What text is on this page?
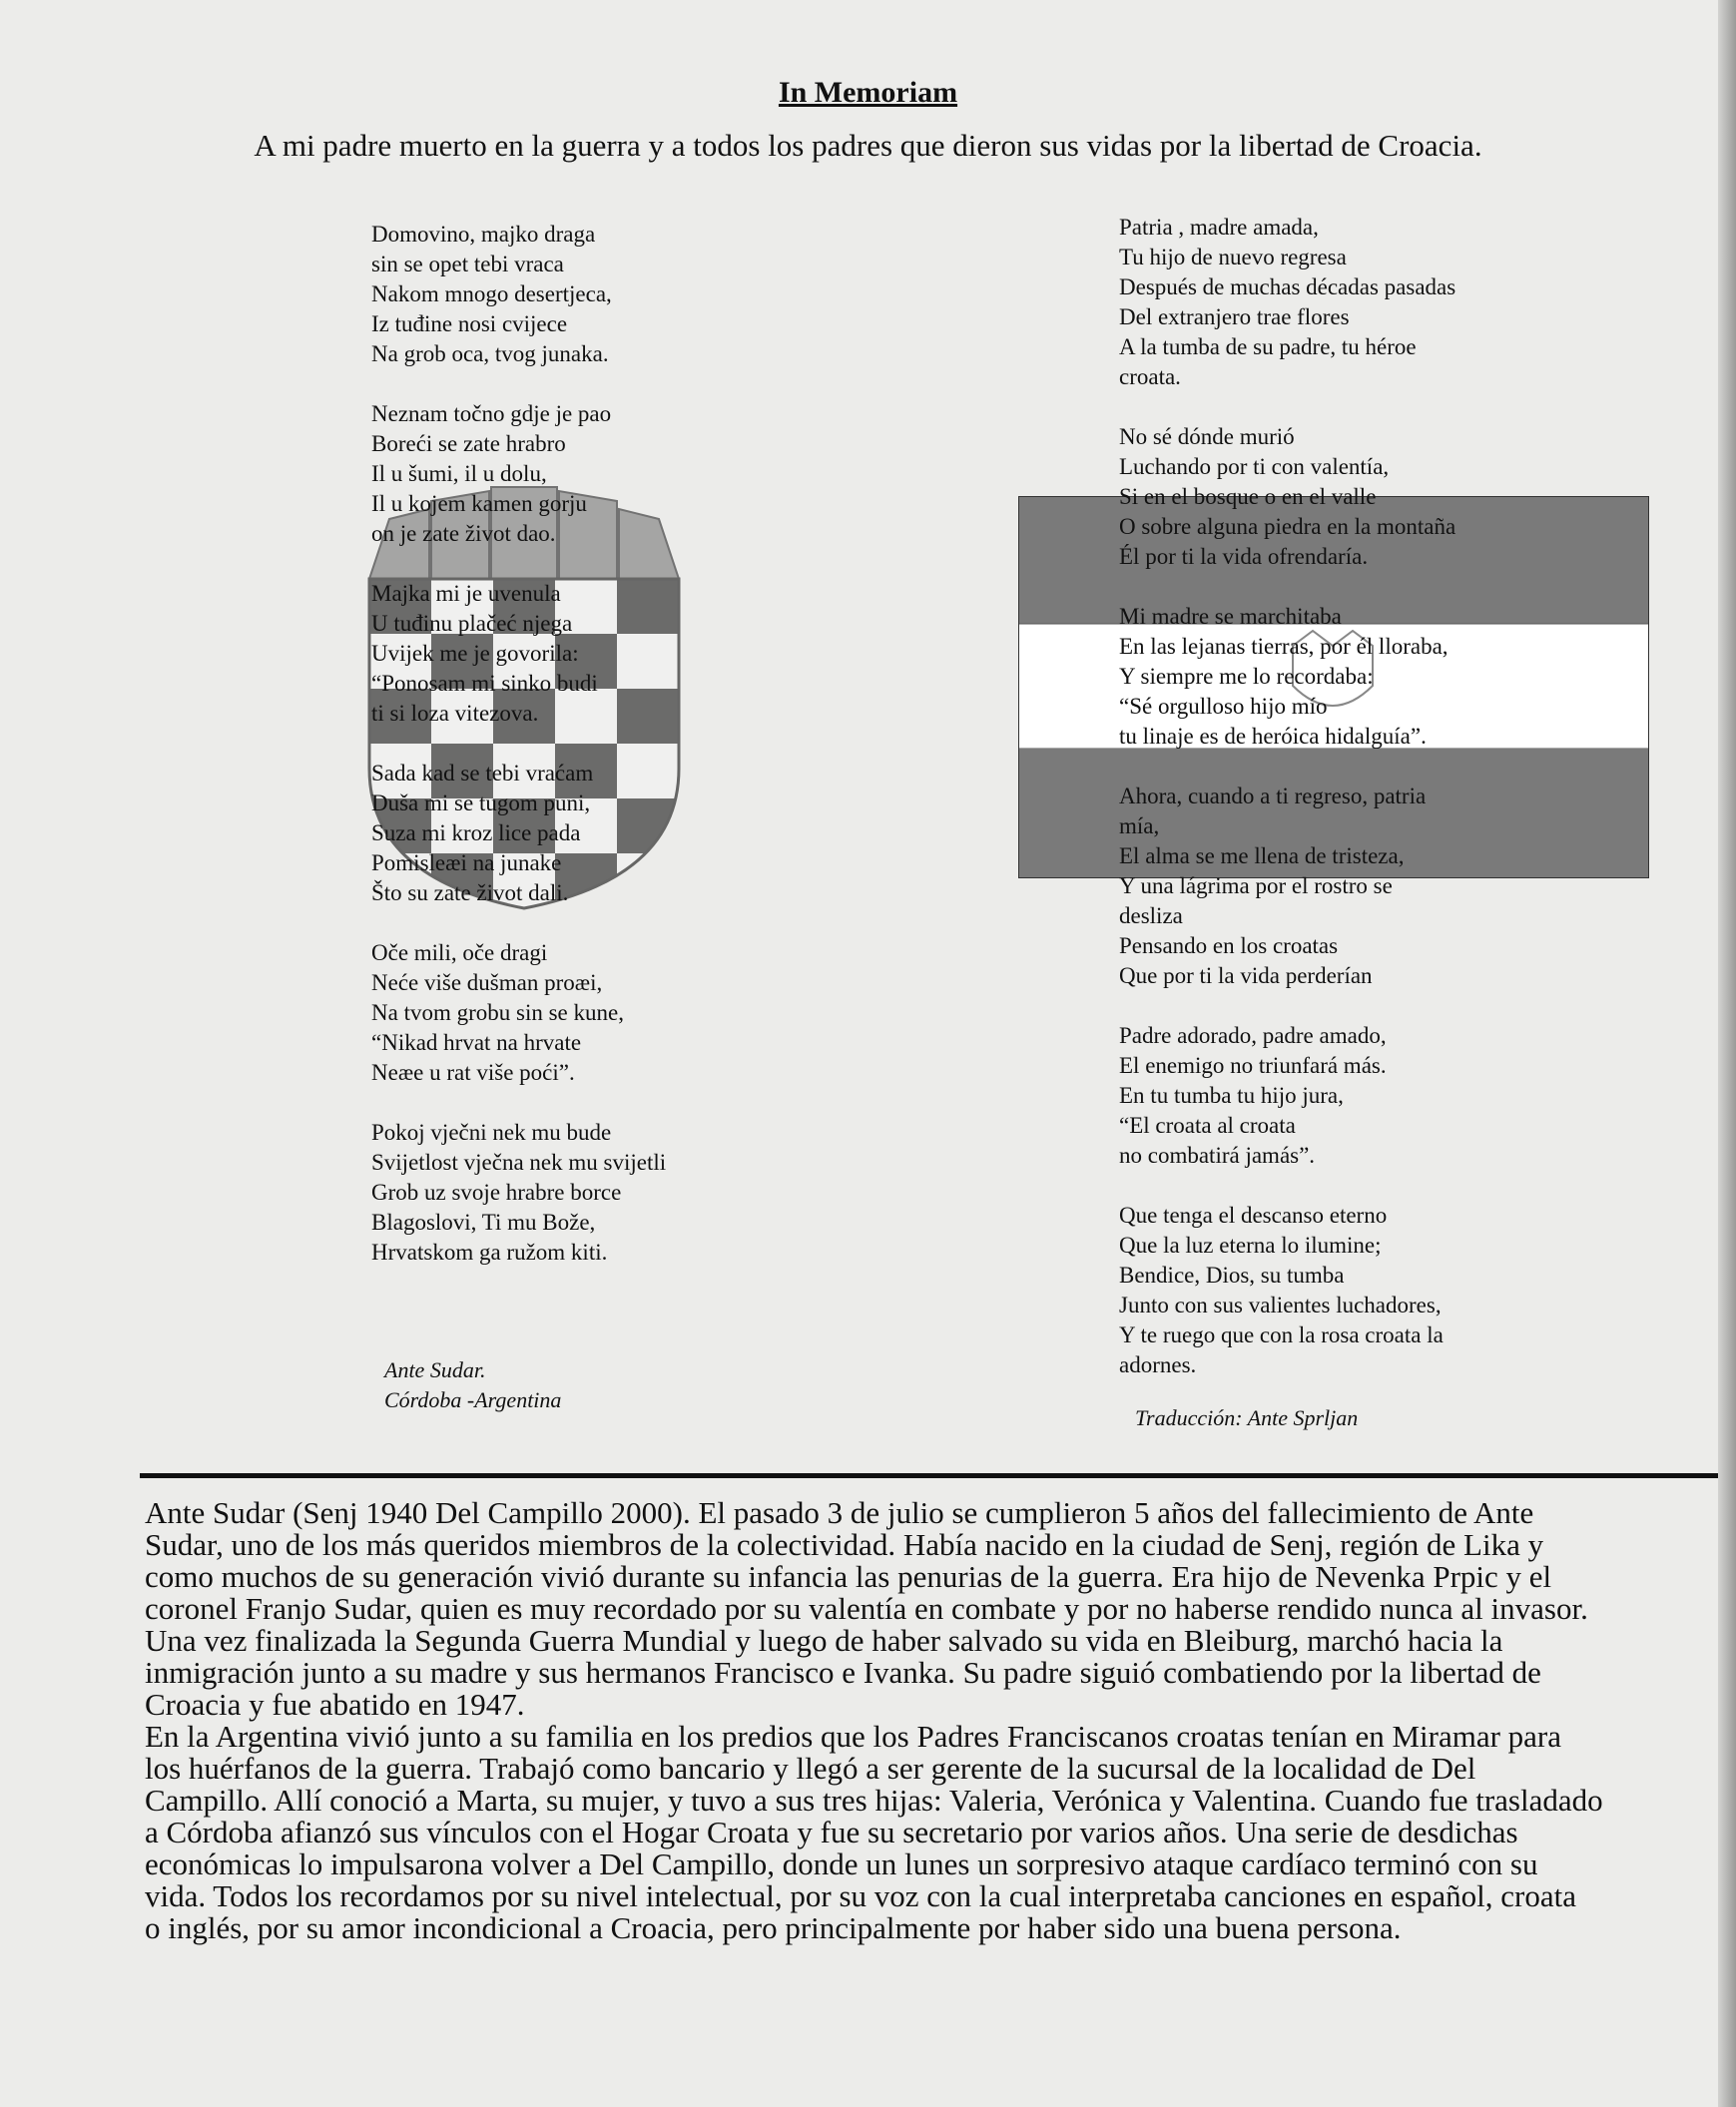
In Memoriam
A mi padre muerto en la guerra y a todos los padres que dieron sus vidas por la libertad de Croacia.
Domovino, majko draga
sin se opet tebi vraca
Nakom mnogo desertjeca,
Iz tuđine nosi cvijece
Na grob oca, tvog junaka.
Neznam točno gdje je pao
Boreći se zate hrabro
Il u šumi, il u dolu,
Il u kojem kamen gorju
on je zate život dao.
Majka mi je uvenula
U tuđinu plačeć njega
Uvijek me je govorila:
“Ponosam mi sinko budi
ti si loza vitezova.
Sada kad se tebi vraćam
Duša mi se tugom puni,
Suza mi kroz lice pada
Pomisleæi na junake
Što su zate život dali.
Oče mili, oče dragi
Neće više dušman proæi,
Na tvom grobu sin se kune,
“Nikad hrvat na hrvate
Neæe u rat više poći”.
Pokoj vječni nek mu bude
Svijetlost vječna nek mu svijetli
Grob uz svoje hrabre borce
Blagoslovi, Ti mu Bože,
Hrvatskom ga ružom kiti.
Patria , madre amada,
Tu hijo de nuevo regresa
Después de muchas décadas pasadas
Del extranjero trae flores
A la tumba de su padre, tu héroe
croata.
No sé dónde murió
Luchando por ti con valentía,
Si en el bosque o en el valle
O sobre alguna piedra en la montaña
Él por ti la vida ofrendaría.
Mi madre se marchitaba
En las lejanas tierras, por él lloraba,
Y siempre me lo recordaba:
“Sé orgulloso hijo mío
tu linaje es de heróica hidalguía”.
Ahora, cuando a ti regreso, patria
mía,
El alma se me llena de tristeza,
Y una lágrima por el rostro se
desliza
Pensando en los croatas
Que por ti la vida perderían
Padre adorado, padre amado,
El enemigo no triunfará más.
En tu tumba tu hijo jura,
“El croata al croata
no combatirá jamás”.
Que tenga el descanso eterno
Que la luz eterna lo ilumine;
Bendice, Dios, su tumba
Junto con sus valientes luchadores,
Y te ruego que con la rosa croata la
adornes.
Ante Sudar.
Córdoba -Argentina
Traducción: Ante Sprljan
Ante Sudar (Senj 1940 Del Campillo 2000). El pasado 3 de julio se cumplieron 5 años del fallecimiento de Ante
Sudar, uno de los más queridos miembros de la colectividad. Había nacido en la ciudad de Senj, región de Lika y
como muchos de su generación vivió durante su infancia las penurias de la guerra. Era hijo de Nevenka Prpic y el
coronel Franjo Sudar, quien es muy recordado por su valentía en combate y por no haberse rendido nunca al invasor.
Una vez finalizada la Segunda Guerra Mundial y luego de haber salvado su vida en Bleiburg, marchó hacia la
inmigración junto a su madre y sus hermanos Francisco e Ivanka. Su padre siguió combatiendo por la libertad de
Croacia y fue abatido en 1947.
En la Argentina vivió junto a su familia en los predios que los Padres Franciscanos croatas tenían en Miramar para
los huérfanos de la guerra. Trabajó como bancario y llegó a ser gerente de la sucursal de la localidad de Del
Campillo. Allí conoció a Marta, su mujer, y tuvo a sus tres hijas: Valeria, Verónica y Valentina. Cuando fue trasladado
a Córdoba afianzó sus vínculos con el Hogar Croata y fue su secretario por varios años. Una serie de desdichas
económicas lo impulsarona volver a Del Campillo, donde un lunes un sorpresivo ataque cardíaco terminó con su
vida. Todos los recordamos por su nivel intelectual, por su voz con la cual interpretaba canciones en español, croata
o inglés, por su amor incondicional a Croacia, pero principalmente por haber sido una buena persona.
